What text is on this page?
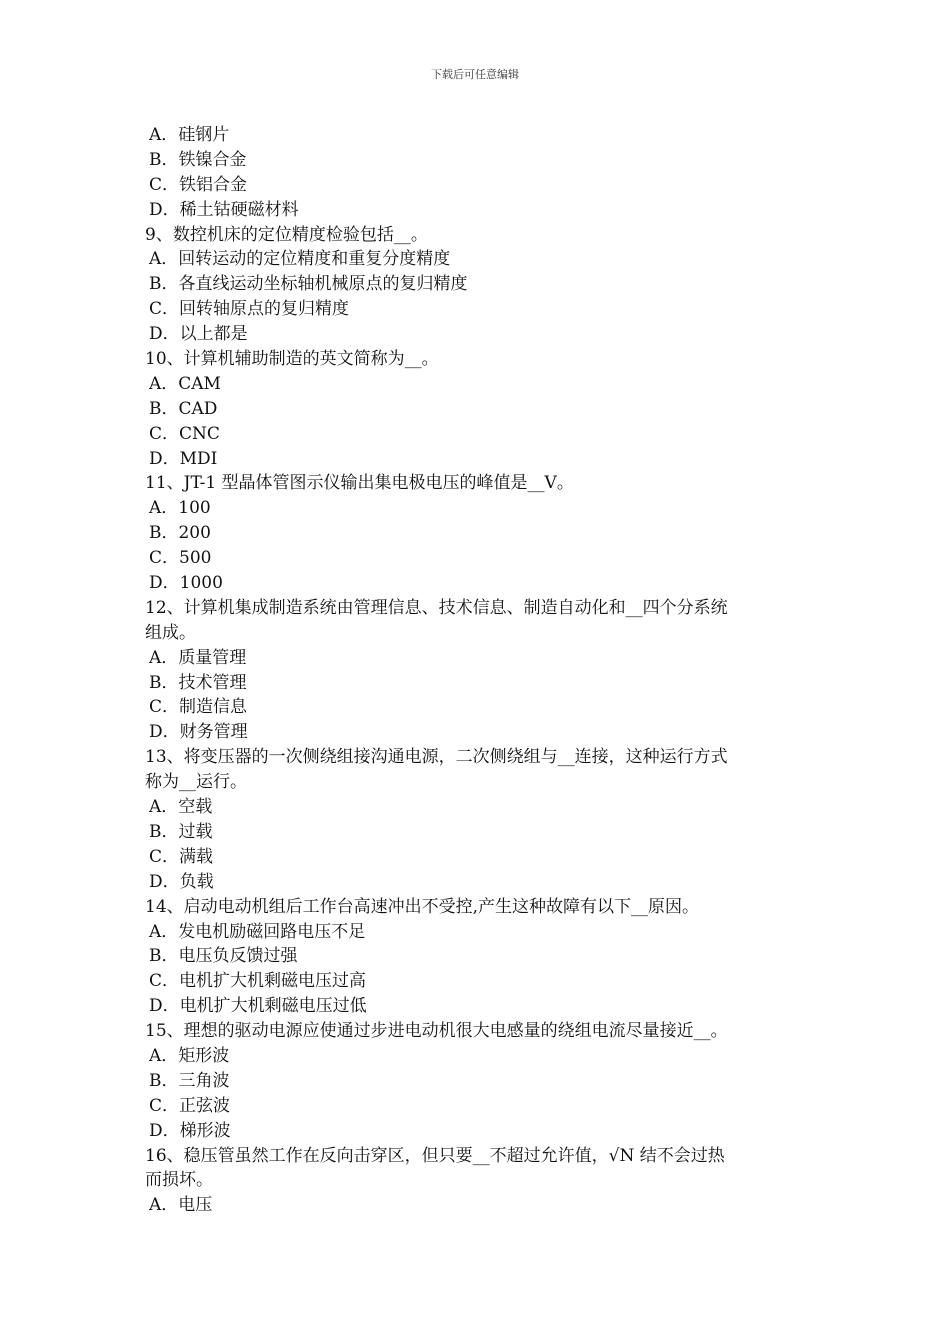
下载后可任意编辑
A．硅钢片
B．铁镍合金
C．铁铝合金
D．稀土钴硬磁材料
9、数控机床的定位精度检验包括__。
A．回转运动的定位精度和重复分度精度
B．各直线运动坐标轴机械原点的复归精度
C．回转轴原点的复归精度
D．以上都是
10、计算机辅助制造的英文简称为__。
A．CAM
B．CAD
C．CNC
D．MDI
11、JT-1 型晶体管图示仪输出集电极电压的峰值是__V。
A．100
B．200
C．500
D．1000
12、计算机集成制造系统由管理信息、技术信息、制造自动化和__四个分系统
组成。
A．质量管理
B．技术管理
C．制造信息
D．财务管理
13、将变压器的一次侧绕组接沟通电源，二次侧绕组与__连接，这种运行方式
称为__运行。
A．空载
B．过载
C．满载
D．负载
14、启动电动机组后工作台高速冲出不受控,产生这种故障有以下__原因。
A．发电机励磁回路电压不足
B．电压负反馈过强
C．电机扩大机剩磁电压过高
D．电机扩大机剩磁电压过低
15、理想的驱动电源应使通过步进电动机很大电感量的绕组电流尽量接近__。
A．矩形波
B．三角波
C．正弦波
D．梯形波
16、稳压管虽然工作在反向击穿区，但只要__不超过允许值，√N 结不会过热
而损坏。
A．电压
